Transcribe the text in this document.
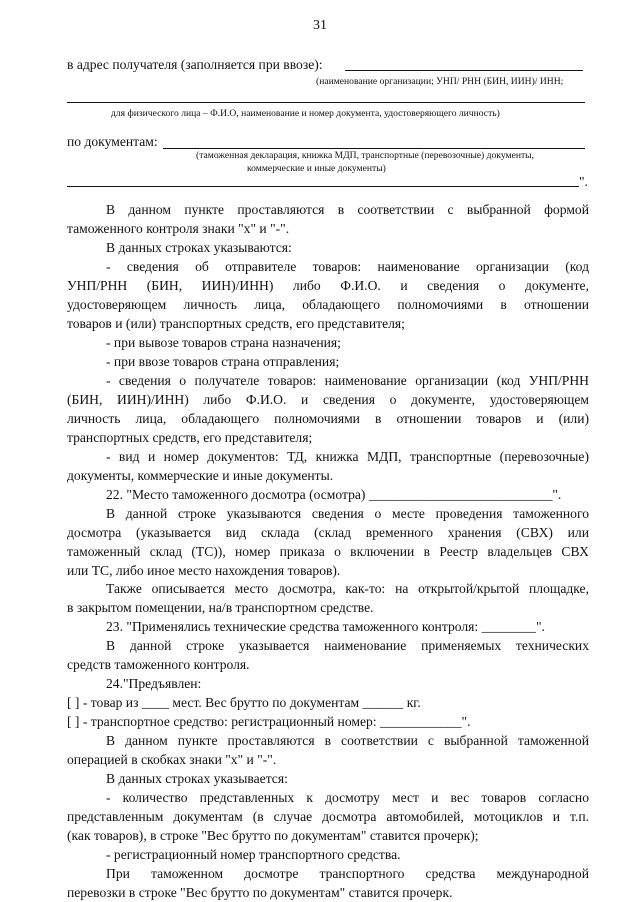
31
в адрес получателя (заполняется при ввозе):
(наименование организации; УНП/ РНН (БИН, ИИН)/ ИНН;
для физического лица – Ф.И.О, наименование и номер документа, удостоверяющего личность)
по документам:
(таможенная декларация, книжка МДП, транспортные (перевозочные) документы,
коммерческие и иные документы)
".
В данном пункте проставляются в соответствии с выбранной формой
таможенного контроля знаки "х" и "-".
В данных строках указываются:
- сведения об отправителе товаров: наименование организации (код
УНП/РНН (БИН, ИИН)/ИНН) либо Ф.И.О. и сведения о документе,
удостоверяющем личность лица, обладающего полномочиями в отношении
товаров и (или) транспортных средств, его представителя;
- при вывозе товаров страна назначения;
- при ввозе товаров страна отправления;
- сведения о получателе товаров: наименование организации (код УНП/РНН
(БИН, ИИН)/ИНН) либо Ф.И.О. и сведения о документе, удостоверяющем
личность лица, обладающего полномочиями в отношении товаров и (или)
транспортных средств, его представителя;
- вид и номер документов: ТД, книжка МДП, транспортные (перевозочные)
документы, коммерческие и иные документы.
22. "Место таможенного досмотра (осмотра) ___________________________".
В данной строке указываются сведения о месте проведения таможенного
досмотра (указывается вид склада (склад временного хранения (СВХ) или
таможенный склад (ТС)), номер приказа о включении в Реестр владельцев СВХ
или ТС, либо иное место нахождения товаров).
Также описывается место досмотра, как-то: на открытой/крытой площадке,
в закрытом помещении, на/в транспортном средстве.
23. "Применялись технические средства таможенного контроля: ________".
В данной строке указывается наименование применяемых технических
средств таможенного контроля.
24."Предъявлен:
[ ] - товар из ____ мест. Вес брутто по документам ______ кг.
[ ] - транспортное средство: регистрационный номер: ____________".
В данном пункте проставляются в соответствии с выбранной таможенной
операцией в скобках знаки "х" и "-".
В данных строках указывается:
- количество представленных к досмотру мест и вес товаров согласно
представленным документам (в случае досмотра автомобилей, мотоциклов и т.п.
(как товаров), в строке "Вес брутто по документам" ставится прочерк);
- регистрационный номер транспортного средства.
При таможенном досмотре транспортного средства международной
перевозки в строке "Вес брутто по документам" ставится прочерк.
